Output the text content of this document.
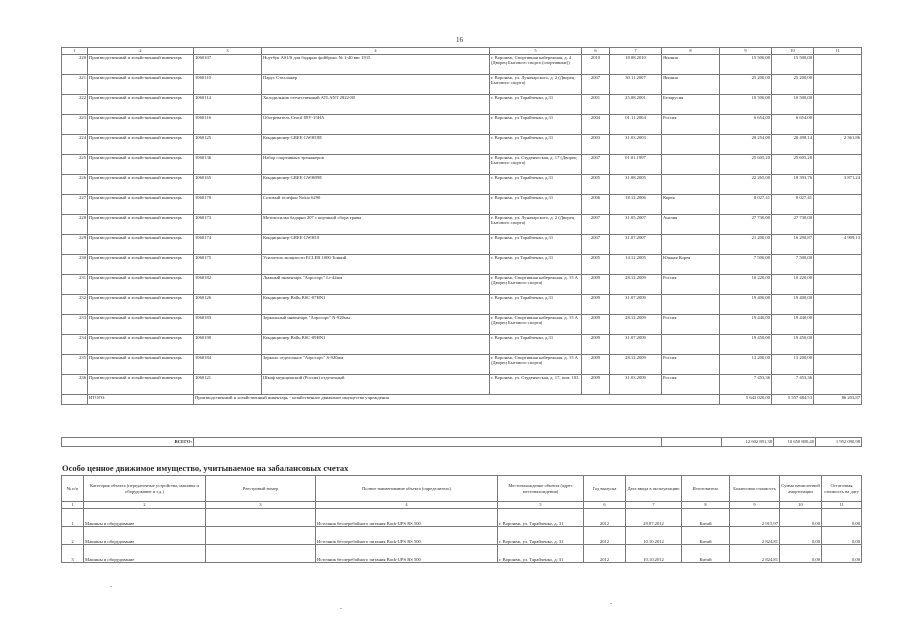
16
1	2	3	4	5	6	7	8	9	10	11
220	Производственный и хозяйственный инвентарь	1060107	Ноутбук ASUS для бадарно фойбронс № 1-40 ввс 1915	г. Воронеж, Спортивная набережная, д. 4 (Дворец Бытового спорта (спортивные))	2010	18.08.2010	Япония	15 500,00	15 500,00	
221	Производственный и хозяйственный инвентарь	1060110	Парус Стеллажер	г. Воронеж, ул. Луначарского, д. 2 (Дворец Бытового спорта)	2007	30.11.2007	Япония	25 200,00	25 200,00	
222	Производственный и хозяйственный инвентарь	1060114	Холодильник отечественный ATLANT 2822-80	г. Воронеж, ул Тарайченко, д.31	2001	25.08.2001	Беларусия	10 500,00	10 500,00	
223	Производственный и хозяйственный инвентарь	1060116	Обогреватель Ceactl 89У-15НА	г. Воронеж, ул Тарайченко, д.31	2004	01.11.2004	Россия	6 654,00	6 654,00	
224	Производственный и хозяйственный инвентарь	1060125	Кондиционер GREE GWH18E	г. Воронеж, ул Тарайченко, д.31	2003	31.03.2003		20 254,00	20 498,14	2 361,86
225	Производственный и хозяйственный инвентарь	1060136	Набор спортивных тренажеров	г. Воронеж, ул. Студенческая, д. 17 (Дворец Бытового спорта)	2007	01.01.1997		25 605,20	25 605,20	
226	Производственный и хозяйственный инвентарь	1060165	Кондиционер GREE GWH09E	г. Воронеж, ул Тарайченко, д.31	2005	31.08.2005		22 265,00	18 393,76	3 871,24
227	Производственный и хозяйственный инвентарь	1060170	Сотовый телефон Nokia 6290	г. Воронеж, ул Тарайченко, д.31	2006	18.12.2006	Корея	8 027,41	8 027,41	
228	Производственный и хозяйственный инвентарь	1060173	Мотокосилка бадарно 207 с корзиной сбора травы	г. Воронеж, ул. Луначарского, д. 2 (Дворец Бытового спорта)	2007	31.05.2007	Англия	27 730,00	27 730,00	
229	Производственный и хозяйственный инвентарь	1060174	Кондиционер GREE GWH18	г. Воронеж, ул Тарайченко, д.31	2007	31.07.2007		21 200,00	16 290,87	4 909,13
230	Производственный и хозяйственный инвентарь	1060175	Усилитель мощности ECLER 1000 Тонкий	г. Воронеж, ул Тарайченко, д.31	2005	14.12.2005	Южная Корея	7 500,00	7 500,00	
231	Производственный и хозяйственный инвентарь	1060182	Лыжный инвентарь "Аэросорс" Lt-42мм	г. Воронеж, Спортивная набережная, д. 15 А (Дворец Бытового спорта)	2009	28.12.2009	Россия	10 220,00	10 220,00	
232	Производственный и хозяйственный инвентарь	1060126	Кондиционер Ballu BSC-07HN1	г. Воронеж, ул Тарайченко, д.31	2009	31.07.2009		19 400,00	19 400,00	
233	Производственный и хозяйственный инвентарь	1060183	Зеркальный инвентарь "Аэросорс" N-920мм	г. Воронеж, Спортивная набережная, д. 15 А (Дворец Бытового спорта)	2009	28.12.2009	Россия	19 440,00	19 440,00	
234	Производственный и хозяйственный инвентарь	1060190	Кондиционер Ballu BSC-09HN1	г. Воронеж, ул Тарайченко, д.31	2009	31.07.2009		19 450,00	19 450,00	
235	Производственный и хозяйственный инвентарь	1060184	Зеркало отделочное "Аэросорс" S-920мм	г. Воронеж, Спортивная набережная, д. 15 А (Дворец Бытового спорта)	2009	28.12.2009	Россия	13 200,00	13 200,00	
236	Производственный и хозяйственный инвентарь	1060121	Шкаф медицинский (Россия) отделочный	г. Воронеж, ул. Студенческая, д. 17, пом. 103	2009	31.03.2009	Россия	7 453,36	7 453,36	
	ИТОГО:	Производственный и хозяйственный инвентарь - хозяйственное движимое имущество учреждения						5 643 020,00	5 557 484,53	86 203,87
ВСЕГО:			12 602 891,38	10 650 800,40	1 952 090,98
Особо ценное движимое имущество, учитываемое на забалансовых счетах
№ п/п	Категория объекта (передаточные устройства, машины и оборудование и т.д.)	Реестровый номер	Полное наименование объекта (определитель)	Местонахождение объекта (адрес местонахождения)	Год выпуска	Дата ввода в эксплуатацию	Изготовитель	Балансовая стоимость	Сумма начисленной амортизации	Остаточная стоимость на дату
1	2	3	4	5	6	7	8	9	10	11
1	Машины и оборудование		Источник бесперебойного питания Back-UPS RS 500	г. Воронеж, ул. Тарайченко, д. 31	2012	29.07.2012	Китай	2 915,97	0,00	0,00
2	Машины и оборудование		Источник бесперебойного питания Back-UPS RS 500	г. Воронеж, ул. Тарайченко, д. 31	2012	10.10.2012	Китай	2 824,81	0,00	0,00
3	Машины и оборудование		Источник бесперебойного питания Back-UPS RS 500	г. Воронеж, ул. Тарайченко, д. 31	2012	10.10.2012	Китай	2 824,81	0,00	0,00
